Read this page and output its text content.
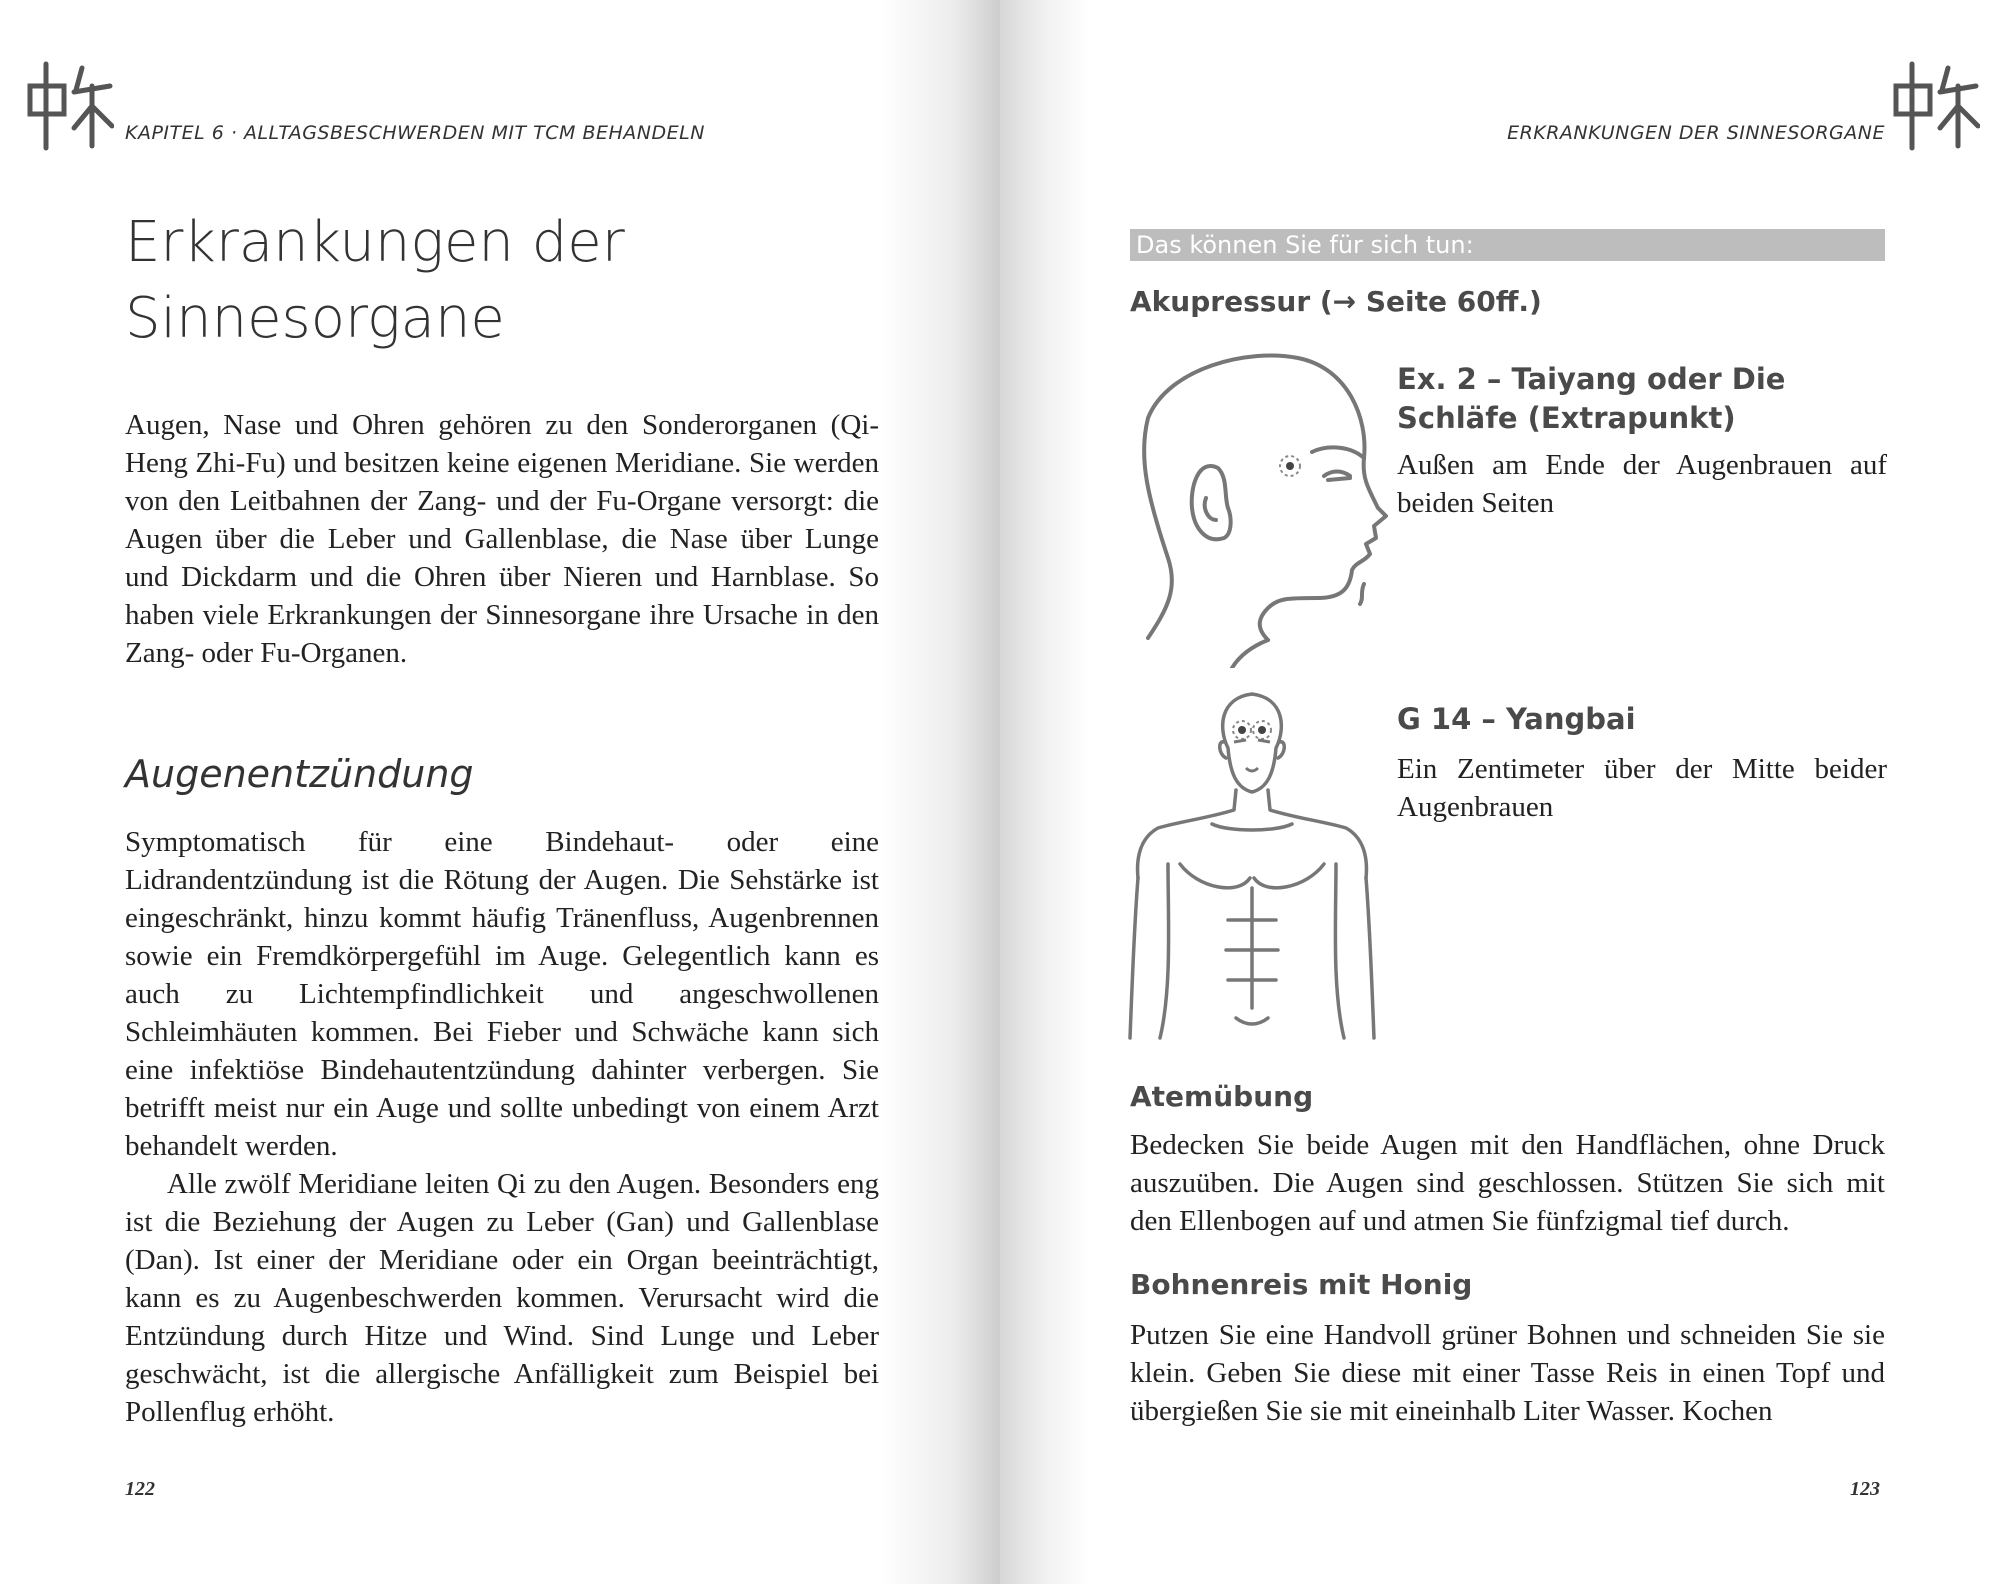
KAPITEL 6 · ALLTAGSBESCHWERDEN MIT TCM BEHANDELN
Erkrankungen der
Sinnesorgane

Augen, Nase und Ohren gehören zu den Sonderorganen (Qi-Heng Zhi-Fu) und besitzen keine eigenen Meridiane. Sie werden von den Leitbahnen der Zang- und der Fu-Organe versorgt: die Augen über die Leber und Gallenblase, die Nase über Lunge und Dickdarm und die Ohren über Nieren und Harnblase. So haben viele Erkrankungen der Sinnesorgane ihre Ursache in den Zang- oder Fu-Organen.

Augenentzündung

Symptomatisch für eine Bindehaut- oder eine Lidrandentzündung ist die Rötung der Augen. Die Sehstärke ist eingeschränkt, hinzu kommt häufig Tränenfluss, Augenbrennen sowie ein Fremdkörpergefühl im Auge. Gelegentlich kann es auch zu Lichtempfindlichkeit und angeschwollenen Schleimhäuten kommen. Bei Fieber und Schwäche kann sich eine infektiöse Bindehautentzündung dahinter verbergen. Sie betrifft meist nur ein Auge und sollte unbedingt von einem Arzt behandelt werden.

Alle zwölf Meridiane leiten Qi zu den Augen. Besonders eng ist die Beziehung der Augen zu Leber (Gan) und Gallenblase (Dan). Ist einer der Meridiane oder ein Organ beeinträchtigt, kann es zu Augenbeschwerden kommen. Verursacht wird die Entzündung durch Hitze und Wind. Sind Lunge und Leber geschwächt, ist die allergische Anfälligkeit zum Beispiel bei Pollenflug erhöht.

122
ERKRANKUNGEN DER SINNESORGANE
Das können Sie für sich tun:
Akupressur (→ Seite 60ff.)
Ex. 2 – Taiyang oder Die Schläfe (Extrapunkt)
Außen am Ende der Augenbrauen auf beiden Seiten
G 14 – Yangbai
Ein Zentimeter über der Mitte beider Augenbrauen
Atemübung

Bedecken Sie beide Augen mit den Handflächen, ohne Druck auszuüben. Die Augen sind geschlossen. Stützen Sie sich mit den Ellenbogen auf und atmen Sie fünfzigmal tief durch.

Bohnenreis mit Honig

Putzen Sie eine Handvoll grüner Bohnen und schneiden Sie sie klein. Geben Sie diese mit einer Tasse Reis in einen Topf und übergießen Sie sie mit eineinhalb Liter Wasser. Kochen

123
